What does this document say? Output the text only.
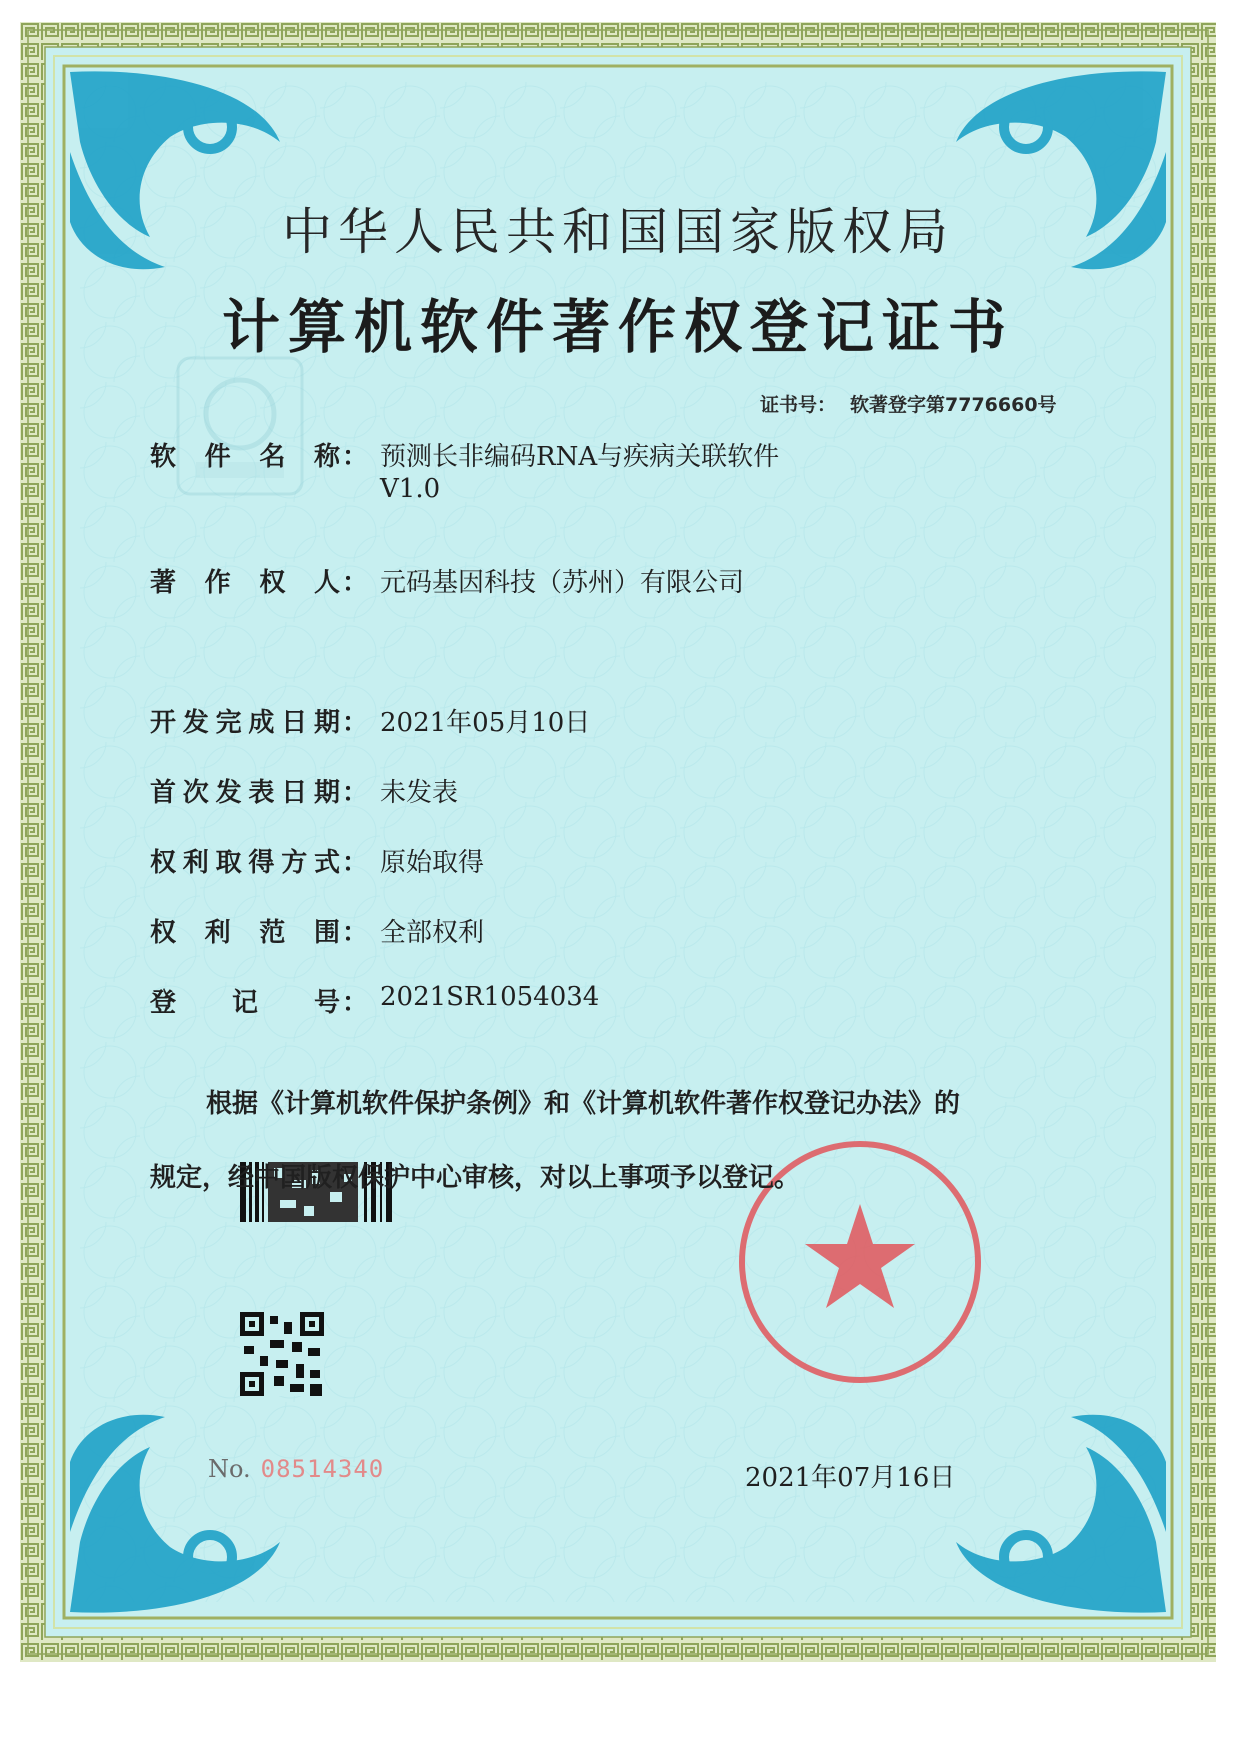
中华人民共和国国家版权局
计算机软件著作权登记证书
证书号： 软著登字第7776660号
软件名称 ： 预测长非编码RNA与疾病关联软件
V1.0
著作权人 ： 元码基因科技（苏州）有限公司
开发完成日期 ： 2021年05月10日
首次发表日期 ： 未发表
权利取得方式 ： 原始取得
权利范围 ： 全部权利
登记号 ： 2021SR1054034
根据《计算机软件保护条例》和《计算机软件著作权登记办法》的
规定，经中国版权保护中心审核，对以上事项予以登记。
No. 08514340	2021年07月16日
